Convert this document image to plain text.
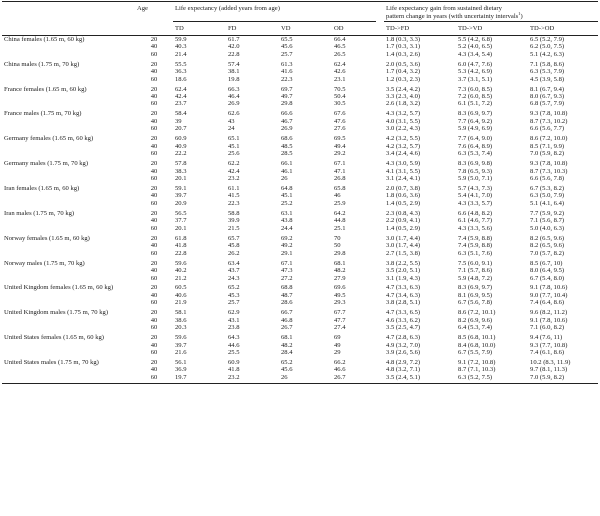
	Age	Life expectancy (added years from age)					Life expectancy gain from sustained dietary
pattern change in years (with uncertainty intervals$^1$)		
		TD	FD	VD	OD		TD->FD	TD->VD	TD->OD
China females (1.65 m, 60 kg)	20	59.9	61.7	65.5	66.4		1.8 (0.3, 3.3)	5.5 (4.2, 6.8)	6.5 (5.2, 7.9)
	40	40.3	42.0	45.6	46.5		1.7 (0.3, 3.1)	5.2 (4.0, 6.5)	6.2 (5.0, 7.5)
	60	21.4	22.8	25.7	26.5		1.4 (0.3, 2.6)	4.3 (3.4, 5.4)	5.1 (4.2, 6.3)
China males (1.75 m, 70 kg)	20	55.5	57.4	61.3	62.4		2.0 (0.5, 3.6)	6.0 (4.7, 7.6)	7.1 (5.8, 8.6)
	40	36.3	38.1	41.6	42.6		1.7 (0.4, 3.2)	5.3 (4.2, 6.9)	6.3 (5.3, 7.9)
	60	18.6	19.8	22.3	23.1		1.2 (0.3, 2.3)	3.7 (3.1, 5.1)	4.5 (3.9, 5.8)
France females (1.65 m, 60 kg)	20	62.4	66.3	69.7	70.5		3.5 (2.4, 4.2)	7.3 (6.0, 8.5)	8.1 (6.7, 9.4)
	40	42.4	46.4	49.7	50.4		3.3 (2.3, 4.0)	7.2 (6.0, 8.5)	8.0 (6.7, 9.3)
	60	23.7	26.9	29.8	30.5		2.6 (1.8, 3.2)	6.1 (5.1, 7.2)	6.8 (5.7, 7.9)
France males (1.75 m, 70 kg)	20	58.4	62.6	66.6	67.6		4.3 (3.2, 5.7)	8.3 (6.9, 9.7)	9.3 (7.8, 10.8)
	40	39	43	46.7	47.6		4.0 (3.1, 5.5)	7.7 (6.4, 9.2)	8.7 (7.3, 10.2)
	60	20.7	24	26.9	27.6		3.0 (2.2, 4.3)	5.9 (4.9, 6.9)	6.6 (5.6, 7.7)
Germany females (1.65 m, 60 kg)	20	60.9	65.1	68.6	69.5		4.2 (3.2, 5.5)	7.7 (6.4, 9.0)	8.6 (7.2, 10.0)
	40	40.9	45.1	48.5	49.4		4.2 (3.2, 5.7)	7.6 (6.4, 8.9)	8.5 (7.1, 9.9)
	60	22.2	25.6	28.5	29.2		3.4 (2.4, 4.6)	6.3 (5.3, 7.4)	7.0 (5.9, 8.2)
Germany males (1.75 m, 70 kg)	20	57.8	62.2	66.1	67.1		4.3 (3.0, 5.9)	8.3 (6.9, 9.8)	9.3 (7.8, 10.8)
	40	38.3	42.4	46.1	47.1		4.1 (3.1, 5.5)	7.8 (6.5, 9.3)	8.7 (7.3, 10.3)
	60	20.1	23.2	26	26.8		3.1 (2.4, 4.1)	5.9 (5.0, 7.1)	6.6 (5.6, 7.8)
Iran females (1.65 m, 60 kg)	20	59.1	61.1	64.8	65.8		2.0 (0.7, 3.8)	5.7 (4.3, 7.3)	6.7 (5.3, 8.2)
	40	39.7	41.5	45.1	46		1.8 (0.6, 3.6)	5.4 (4.1, 7.0)	6.3 (5.0, 7.9)
	60	20.9	22.3	25.2	25.9		1.4 (0.5, 2.9)	4.3 (3.3, 5.7)	5.1 (4.1, 6.4)
Iran males (1.75 m, 70 kg)	20	56.5	58.8	63.1	64.2		2.3 (0.8, 4.3)	6.6 (4.8, 8.2)	7.7 (5.9, 9.2)
	40	37.7	39.9	43.8	44.8		2.2 (0.9, 4.1)	6.1 (4.6, 7.7)	7.1 (5.6, 8.7)
	60	20.1	21.5	24.4	25.1		1.4 (0.5, 2.9)	4.3 (3.3, 5.6)	5.0 (4.0, 6.3)
Norway females (1.65 m, 60 kg)	20	61.8	65.7	69.2	70		3.0 (1.7, 4.4)	7.4 (5.9, 8.8)	8.2 (6.5, 9.6)
	40	41.8	45.8	49.2	50		3.0 (1.7, 4.4)	7.4 (5.9, 8.8)	8.2 (6.5, 9.6)
	60	22.8	26.2	29.1	29.8		2.7 (1.5, 3.8)	6.3 (5.1, 7.6)	7.0 (5.7, 8.2)
Norway males (1.75 m, 70 kg)	20	59.6	63.4	67.1	68.1		3.8 (2.2, 5.5)	7.5 (6.0, 9.1)	8.5 (6.7, 10)
	40	40.2	43.7	47.3	48.2		3.5 (2.0, 5.1)	7.1 (5.7, 8.6)	8.0 (6.4, 9.5)
	60	21.2	24.3	27.2	27.9		3.1 (1.9, 4.3)	5.9 (4.8, 7.2)	6.7 (5.4, 8.0)
United Kingdom females (1.65 m, 60 kg)	20	60.5	65.2	68.8	69.6		4.7 (3.3, 6.3)	8.3 (6.9, 9.7)	9.1 (7.8, 10.6)
	40	40.6	45.3	48.7	49.5		4.7 (3.4, 6.3)	8.1 (6.9, 9.5)	9.0 (7.7, 10.4)
	60	21.9	25.7	28.6	29.3		3.8 (2.8, 5.1)	6.7 (5.6, 7.8)	7.4 (6.4, 8.6)
United Kingdom males (1.75 m, 70 kg)	20	58.1	62.9	66.7	67.7		4.7 (3.3, 6.5)	8.6 (7.2, 10.1)	9.6 (8.2, 11.2)
	40	38.6	43.1	46.8	47.7		4.6 (3.3, 6.2)	8.2 (6.9, 9.6)	9.1 (7.8, 10.6)
	60	20.3	23.8	26.7	27.4		3.5 (2.5, 4.7)	6.4 (5.3, 7.4)	7.1 (6.0, 8.2)
United States females (1.65 m, 60 kg)	20	59.6	64.3	68.1	69		4.7 (2.8, 6.3)	8.5 (6.8, 10.1)	9.4 (7.6, 11)
	40	39.7	44.6	48.2	49		4.9 (3.2, 7.0)	8.4 (6.8, 10.0)	9.3 (7.7, 10.8)
	60	21.6	25.5	28.4	29		3.9 (2.6, 5.6)	6.7 (5.5, 7.9)	7.4 (6.1, 8.6)
United States males (1.75 m, 70 kg)	20	56.1	60.9	65.2	66.2		4.8 (2.9, 7.2)	9.1 (7.2, 10.8)	10.2 (8.3, 11.9)
	40	36.9	41.8	45.6	46.6		4.8 (3.2, 7.1)	8.7 (7.1, 10.3)	9.7 (8.1, 11.3)
	60	19.7	23.2	26	26.7		3.5 (2.4, 5.1)	6.3 (5.2, 7.5)	7.0 (5.9, 8.2)
